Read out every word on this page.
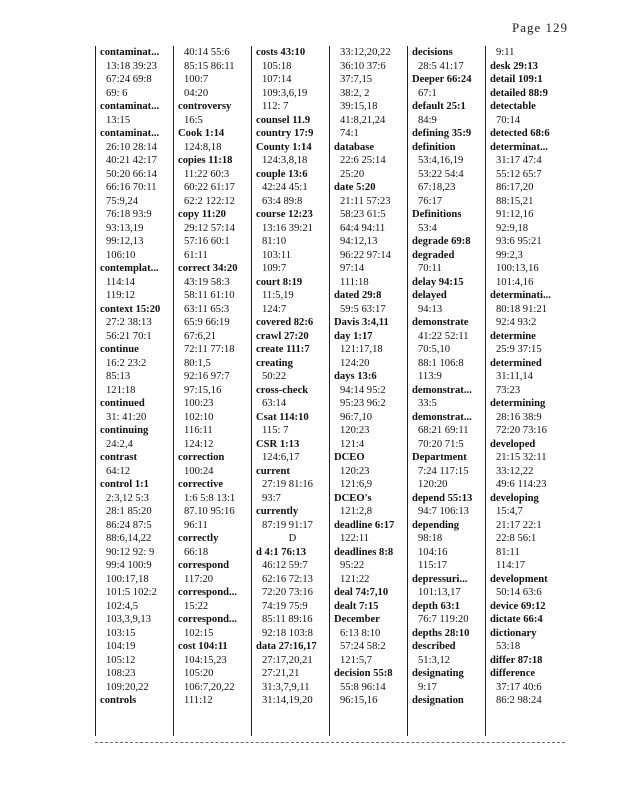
Page 129
contaminat...
13:18 39:23
67:24 69:8
69: 6
contaminat...
13:15
contaminat...
26:10 28:14
40:21 42:17
50:20 66:14
66:16 70:11
75:9,24
76:18 93:9
93:13,19
99:12,13
106:10
contemplat...
114:14
119:12
context 15:20
27:2 38:13
56:21 70:1
continue
16:2 23:2
85:13
121:18
continued
31: 41:20
continuing
24:2,4
contrast
64:12
control 1:1
2:3,12 5:3
28:1 85:20
86:24 87:5
88:6,14,22
90:12 92: 9
99:4 100:9
100:17,18
101:5 102:2
102:4,5
103,3,9,13
103:15
104:19
105:12
108:23
109:20,22
controls
40:14 55:6
85:15 86:11
100:7
04:20
controversy
16:5
Cook 1:14
124:8,18
copies 11:18
11:22 60:3
60:22 61:17
62:2 122:12
copy 11:20
29:12 57:14
57:16 60:1
61:11
correct 34:20
43:19 58:3
58:11 61:10
63:11 65:3
65:9 66:19
67:6,21
72:11 77:18
80:1,5
92:16 97:7
97:15,16
100:23
102:10
116:11
124:12
correction
100:24
corrective
1:6 5:8 13:1
87.10 95:16
96:11
correctly
66:18
correspond
117:20
correspond...
15:22
correspond...
102:15
cost 104:11
104:15,23
105:20
106:7,20,22
111:12
costs 43:10
105:18
107:14
109:3,6,19
112: 7
counsel 11.9
country 17:9
County 1:14
124:3,8,18
couple 13:6
42:24 45:1
63:4 89:8
course 12:23
13:16 39:21
81:10
103:11
109:7
court 8:19
11:5,19
124:7
covered 82:6
crawl 27:20
create 111:7
creating
50:22
cross-check
63:14
Csat 114:10
115: 7
CSR 1:13
124:6,17
current
27:19 81:16
93:7
currently
87:19 91:17
D
d 4:1 76:13
46:12 59:7
62:16 72:13
72:20 73:16
74:19 75:9
85:11 89:16
92:18 103:8
data 27:16,17
27:17,20,21
27:21,21
31:3,7,9,11
31:14,19,20
33:12,20,22
36:10 37:6
37:7,15
38:2, 2
39:15,18
41:8,21,24
74:1
database
22:6 25:14
25:20
date 5:20
21:11 57:23
58:23 61:5
64:4 94:11
94:12,13
96:22 97:14
97:14
111:18
dated 29:8
59:5 63:17
Davis 3:4,11
day 1:17
121:17,18
124:20
days 13:6
94:14 95:2
95:23 96:2
96:7,10
120:23
121:4
DCEO
120:23
121:6,9
DCEO's
121:2,8
deadline 6:17
122:11
deadlines 8:8
95:22
121:22
deal 74:7,10
dealt 7:15
December
6:13 8:10
57:24 58:2
121:5,7
decision 55:8
55:8 96:14
96:15,16
decisions
28:5 41:17
Deeper 66:24
67:1
default 25:1
84:9
defining 35:9
definition
53:4,16,19
53:22 54:4
67:18,23
76:17
Definitions
53:4
degrade 69:8
degraded
70:11
delay 94:15
delayed
94:13
demonstrate
41:22 52:11
70:5,10
88:1 106:8
113:9
demonstrat...
33:5
demonstrat...
68:21 69:11
70:20 71:5
Department
7:24 117:15
120:20
depend 55:13
94:7 106:13
depending
98:18
104:16
115:17
depressuri...
101:13,17
depth 63:1
76:7 119:20
depths 28:10
described
51:3,12
designating
9:17
designation
9:11
desk 29:13
detail 109:1
detailed 88:9
detectable
70:14
detected 68:6
determinat...
31:17 47:4
55:12 65:7
86:17,20
88:15,21
91:12,16
92:9,18
93:6 95:21
99:2,3
100:13,16
101:4,16
determinati...
80:18 91:21
92:4 93:2
determine
25:9 37:15
determined
31:11,14
73:23
determining
28:16 38:9
72:20 73:16
developed
21:15 32:11
33:12,22
49:6 114:23
developing
15:4,7
21:17 22:1
22:8 56:1
81:11
114:17
development
50:14 63:6
device 69:12
dictate 66:4
dictionary
53:18
differ 87:18
difference
37:17 40:6
86:2 98:24
